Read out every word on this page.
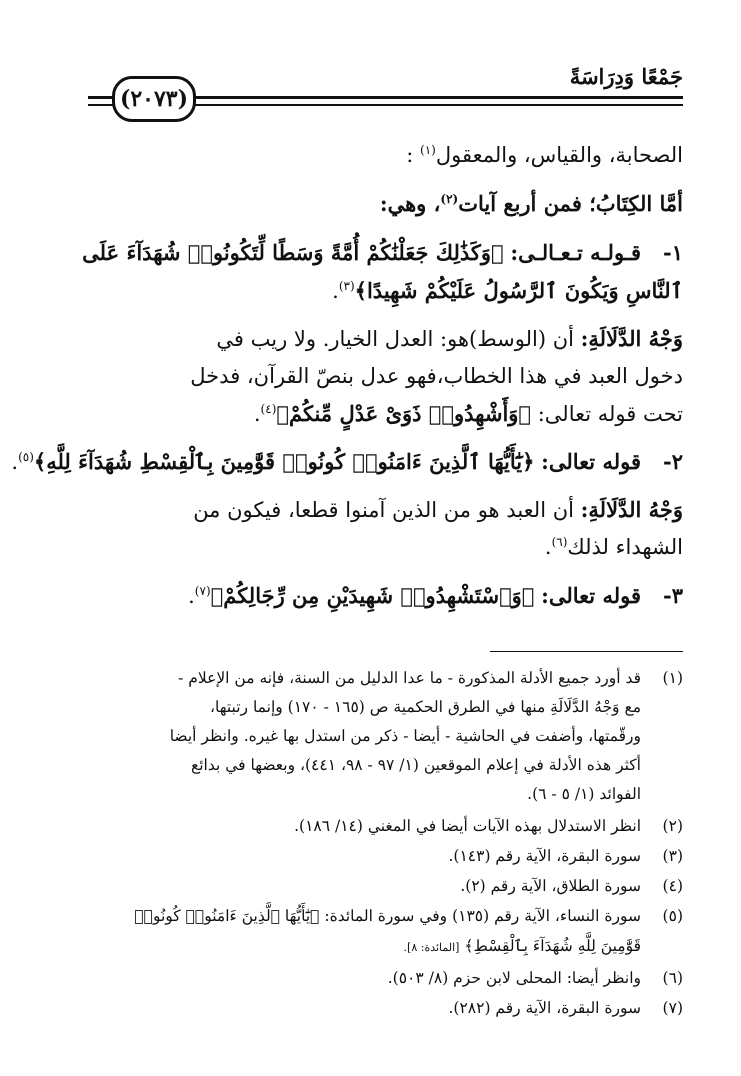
جَمْعًا وَدِرَاسَةً
(٢٠٧٣)
الصحابة، والقياس، والمعقول$^{(١)}$ :
أمَّا الكِتَابُ؛ فمن أربع آيات$^{(٢)}$، وهي:
١-
قـولـه تـعـالـى: ﴿وَكَذَٰلِكَ جَعَلْنَٰكُمْ أُمَّةً وَسَطًا لِّتَكُونُوا۟ شُهَدَآءَ عَلَى
ٱلنَّاسِ وَيَكُونَ ٱلرَّسُولُ عَلَيْكُمْ شَهِيدًا﴾$^{(٣)}$.
وَجْهُ الدَّلَالَةِ: أن (الوسط)هو: العدل الخيار. ولا ريب في
دخول العبد في هذا الخطاب،فهو عدل بنصّ القرآن، فدخل
تحت قوله تعالى: ﴿وَأَشْهِدُوا۟ ذَوَىْ عَدْلٍ مِّنكُمْ﴾$^{(٤)}$.
٢-
قوله تعالى: ﴿يَٰٓأَيُّهَا ٱلَّذِينَ ءَامَنُوا۟ كُونُوا۟ قَوَّٰمِينَ بِٱلْقِسْطِ شُهَدَآءَ لِلَّهِ﴾$^{(٥)}$.
وَجْهُ الدَّلَالَةِ: أن العبد هو من الذين آمنوا قطعا، فيكون من
الشهداء لذلك$^{(٦)}$.
٣-
قوله تعالى: ﴿وَٱسْتَشْهِدُوا۟ شَهِيدَيْنِ مِن رِّجَالِكُمْ﴾$^{(٧)}$.
(١)
قد أورد جميع الأدلة المذكورة - ما عدا الدليل من السنة، فإنه من الإعلام -
مع وَجْهُ الدَّلَالَةِ منها في الطرق الحكمية ص (١٦٥ - ١٧٠) وإنما رتبتها،
ورقّمتها، وأضفت في الحاشية - أيضا - ذكر من استدل بها غيره. وانظر أيضا
أكثر هذه الأدلة في إعلام الموقعين (١/ ٩٧ - ٩٨، ٤٤١)، وبعضها في بدائع
الفوائد (١/ ٥ - ٦).
(٢)
انظر الاستدلال بهذه الآيات أيضا في المغني (١٤/ ١٨٦).
(٣)
سورة البقرة، الآية رقم (١٤٣).
(٤)
سورة الطلاق، الآية رقم (٢).
(٥)
سورة النساء، الآية رقم (١٣٥) وفي سورة المائدة: ﴿يَٰٓأَيُّهَا ٱلَّذِينَ ءَامَنُوا۟ كُونُوا۟
قَوَّٰمِينَ لِلَّهِ شُهَدَآءَ بِٱلْقِسْطِ﴾ [المائدة: ٨].
(٦)
وانظر أيضا: المحلى لابن حزم (٨/ ٥٠٣).
(٧)
سورة البقرة، الآية رقم (٢٨٢).
